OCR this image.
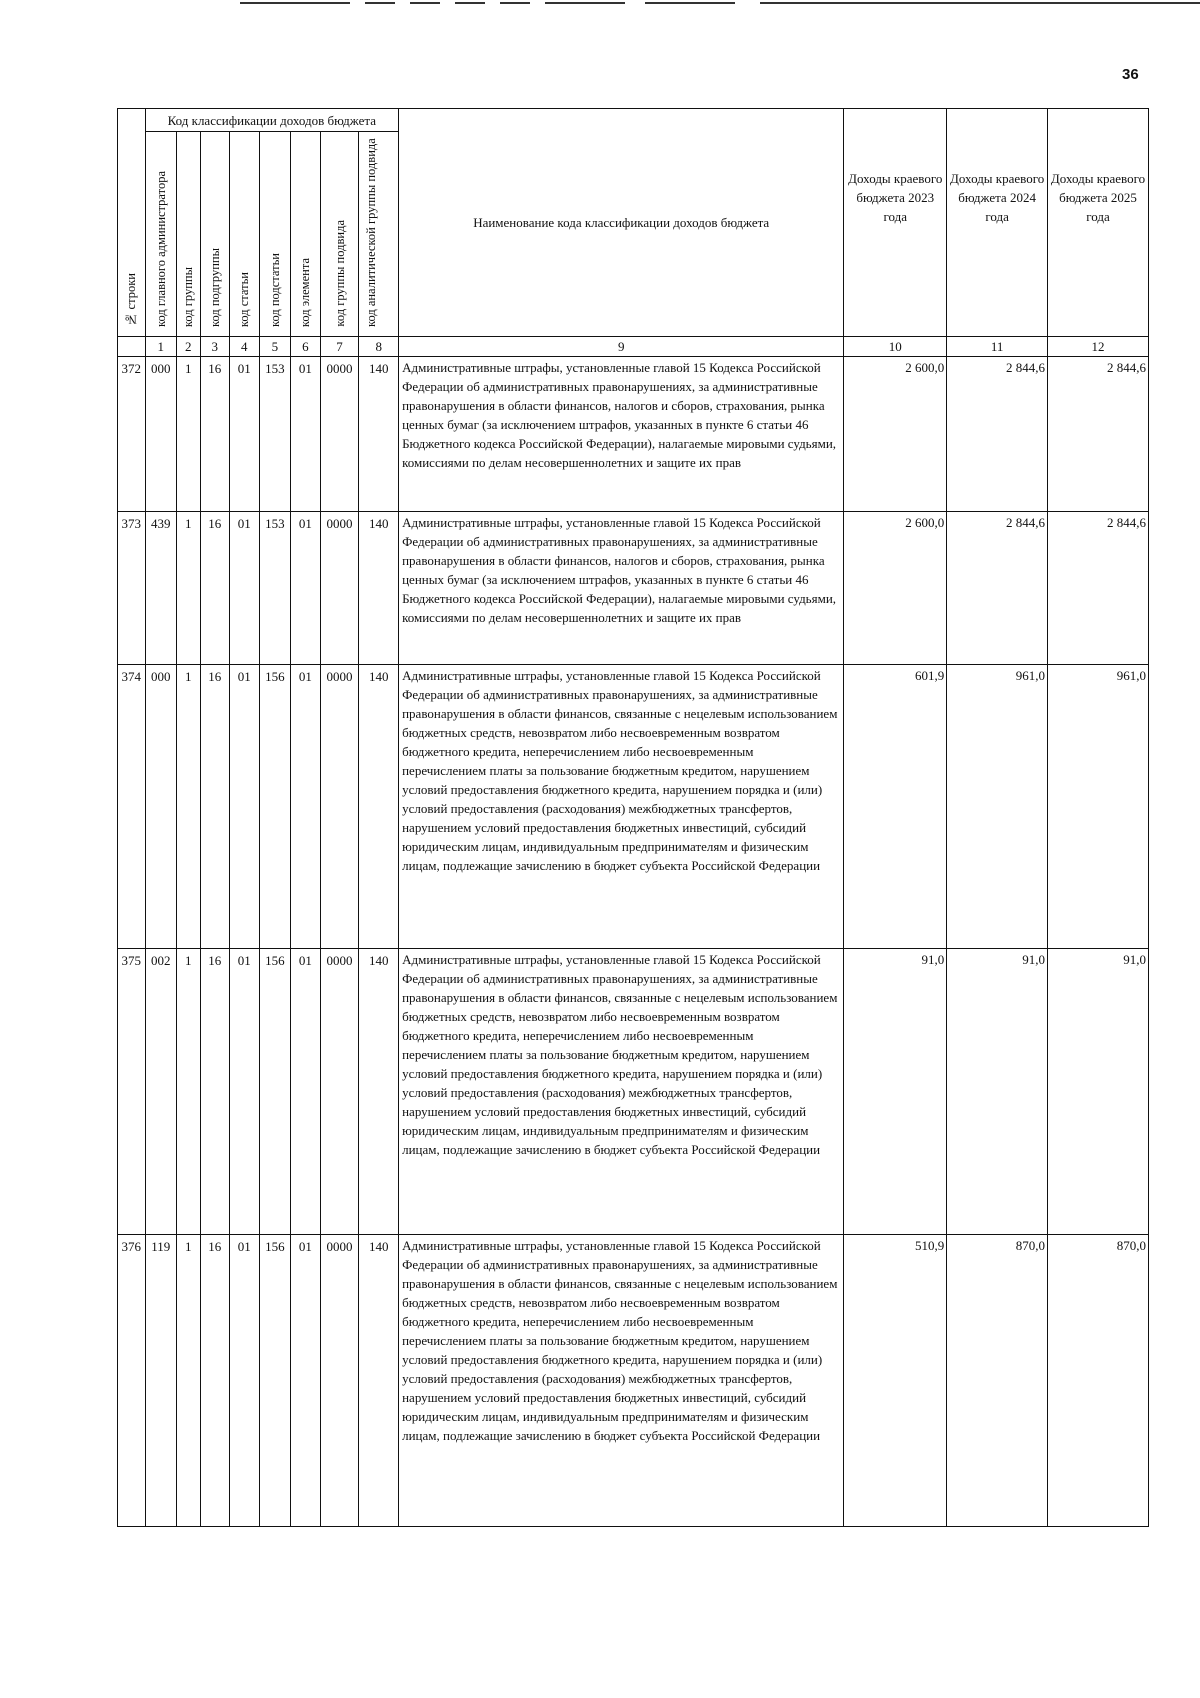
36
№ строки	Код классификации доходов бюджета								Наименование кода классификации доходов бюджета	Доходы краевого бюджета 2023 года	Доходы краевого бюджета 2024 года	Доходы краевого бюджета 2025 года
	код главного администратора	код группы	код подгруппы	код статьи	код подстатьи	код элемента	код группы подвида	код аналитической группы подвида				
	1	2	3	4	5	6	7	8	9	10	11	12
372	000	1	16	01	153	01	0000	140	Административные штрафы, установленные главой 15 Кодекса Российской Федерации об административных правонарушениях, за административные правонарушения в области финансов, налогов и сборов, страхования, рынка ценных бумаг (за исключением штрафов, указанных в пункте 6 статьи 46 Бюджетного кодекса Российской Федерации), налагаемые мировыми судьями, комиссиями по делам несовершеннолетних и защите их прав	2 600,0	2 844,6	2 844,6
373	439	1	16	01	153	01	0000	140	Административные штрафы, установленные главой 15 Кодекса Российской Федерации об административных правонарушениях, за административные правонарушения в области финансов, налогов и сборов, страхования, рынка ценных бумаг (за исключением штрафов, указанных в пункте 6 статьи 46 Бюджетного кодекса Российской Федерации), налагаемые мировыми судьями, комиссиями по делам несовершеннолетних и защите их прав	2 600,0	2 844,6	2 844,6
374	000	1	16	01	156	01	0000	140	Административные штрафы, установленные главой 15 Кодекса Российской Федерации об административных правонарушениях, за административные правонарушения в области финансов, связанные с нецелевым использованием бюджетных средств, невозвратом либо несвоевременным возвратом бюджетного кредита, неперечислением либо несвоевременным перечислением платы за пользование бюджетным кредитом, нарушением условий предоставления бюджетного кредита, нарушением порядка и (или) условий предоставления (расходования) межбюджетных трансфертов, нарушением условий предоставления бюджетных инвестиций, субсидий юридическим лицам, индивидуальным предпринимателям и физическим лицам, подлежащие зачислению в бюджет субъекта Российской Федерации	601,9	961,0	961,0
375	002	1	16	01	156	01	0000	140	Административные штрафы, установленные главой 15 Кодекса Российской Федерации об административных правонарушениях, за административные правонарушения в области финансов, связанные с нецелевым использованием бюджетных средств, невозвратом либо несвоевременным возвратом бюджетного кредита, неперечислением либо несвоевременным перечислением платы за пользование бюджетным кредитом, нарушением условий предоставления бюджетного кредита, нарушением порядка и (или) условий предоставления (расходования) межбюджетных трансфертов, нарушением условий предоставления бюджетных инвестиций, субсидий юридическим лицам, индивидуальным предпринимателям и физическим лицам, подлежащие зачислению в бюджет субъекта Российской Федерации	91,0	91,0	91,0
376	119	1	16	01	156	01	0000	140	Административные штрафы, установленные главой 15 Кодекса Российской Федерации об административных правонарушениях, за административные правонарушения в области финансов, связанные с нецелевым использованием бюджетных средств, невозвратом либо несвоевременным возвратом бюджетного кредита, неперечислением либо несвоевременным перечислением платы за пользование бюджетным кредитом, нарушением условий предоставления бюджетного кредита, нарушением порядка и (или) условий предоставления (расходования) межбюджетных трансфертов, нарушением условий предоставления бюджетных инвестиций, субсидий юридическим лицам, индивидуальным предпринимателям и физическим лицам, подлежащие зачислению в бюджет субъекта Российской Федерации	510,9	870,0	870,0
